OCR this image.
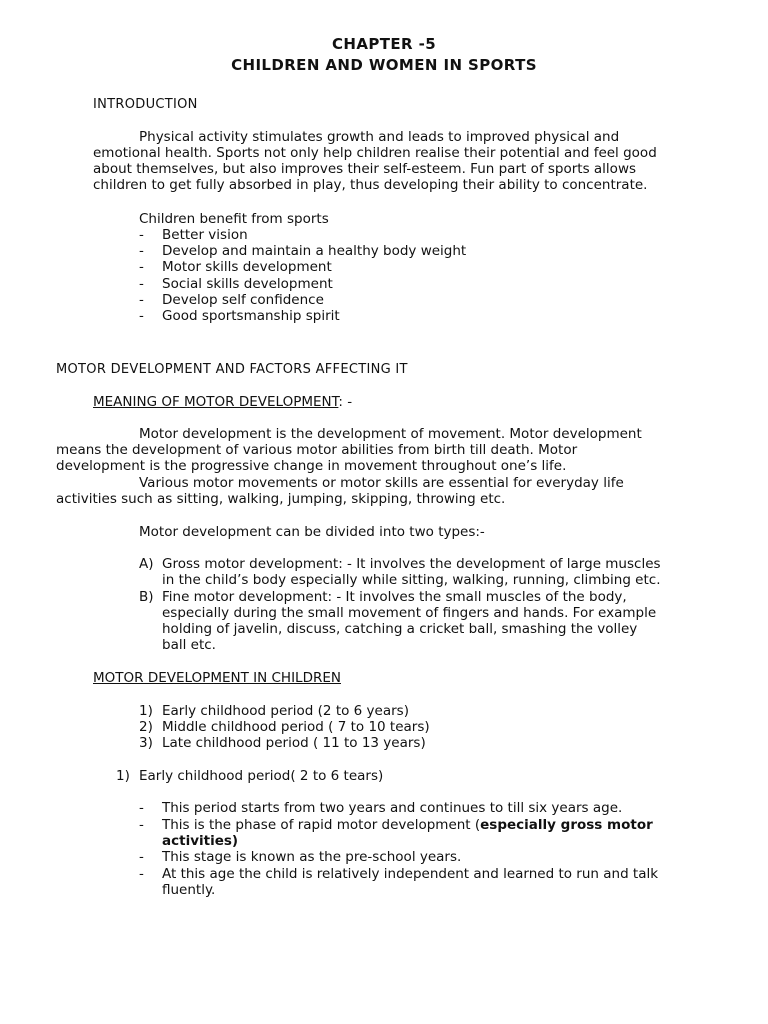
CHAPTER -5
CHILDREN AND WOMEN IN SPORTS
INTRODUCTION
Physical activity stimulates growth and leads to improved physical and
emotional health. Sports not only help children realise their potential and feel good
about themselves, but also improves their self-esteem. Fun part of sports allows
children to get fully absorbed in play, thus developing their ability to concentrate.
Children benefit from sports
- Better vision
- Develop and maintain a healthy body weight
- Motor skills development
- Social skills development
- Develop self confidence
- Good sportsmanship spirit
MOTOR DEVELOPMENT AND FACTORS AFFECTING IT
MEANING OF MOTOR DEVELOPMENT: -
Motor development is the development of movement. Motor development
means the development of various motor abilities from birth till death. Motor
development is the progressive change in movement throughout one’s life.
Various motor movements or motor skills are essential for everyday life
activities such as sitting, walking, jumping, skipping, throwing etc.
Motor development can be divided into two types:-
A) Gross motor development: - It involves the development of large muscles
in the child’s body especially while sitting, walking, running, climbing etc.
B) Fine motor development: - It involves the small muscles of the body,
especially during the small movement of fingers and hands. For example
holding of javelin, discuss, catching a cricket ball, smashing the volley
ball etc.
MOTOR DEVELOPMENT IN CHILDREN
1) Early childhood period (2 to 6 years)
2) Middle childhood period ( 7 to 10 tears)
3) Late childhood period ( 11 to 13 years)
1) Early childhood period( 2 to 6 tears)
- This period starts from two years and continues to till six years age.
- This is the phase of rapid motor development (especially gross motor
activities)
- This stage is known as the pre-school years.
- At this age the child is relatively independent and learned to run and talk
fluently.
